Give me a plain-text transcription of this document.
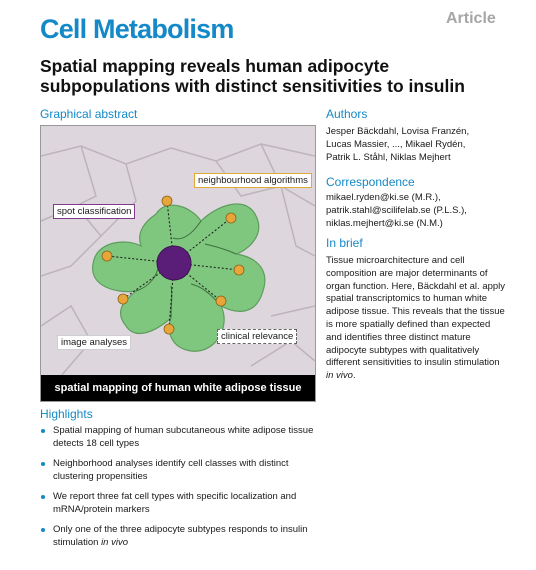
Cell Metabolism	Article
Spatial mapping reveals human adipocyte subpopulations with distinct sensitivities to insulin
Graphical abstract
neighbourhood algorithms
spot classification
image analyses
clinical relevance
spatial mapping of human white adipose tissue
Authors
Jesper Bäckdahl, Lovisa Franzén,
Lucas Massier, ..., Mikael Rydén,
Patrik L. Ståhl, Niklas Mejhert
Correspondence
mikael.ryden@ki.se (M.R.),
patrik.stahl@scilifelab.se (P.L.S.),
niklas.mejhert@ki.se (N.M.)
In brief
Tissue microarchitecture and cell composition are major determinants of organ function. Here, Bäckdahl et al. apply spatial transcriptomics to human white adipose tissue. This reveals that the tissue is more spatially defined than expected and identifies three distinct mature adipocyte subtypes with qualitatively different sensitivities to insulin stimulation in vivo.
Highlights
Spatial mapping of human subcutaneous white adipose tissue detects 18 cell types
Neighborhood analyses identify cell classes with distinct clustering propensities
We report three fat cell types with specific localization and mRNA/protein markers
Only one of the three adipocyte subtypes responds to insulin stimulation in vivo
